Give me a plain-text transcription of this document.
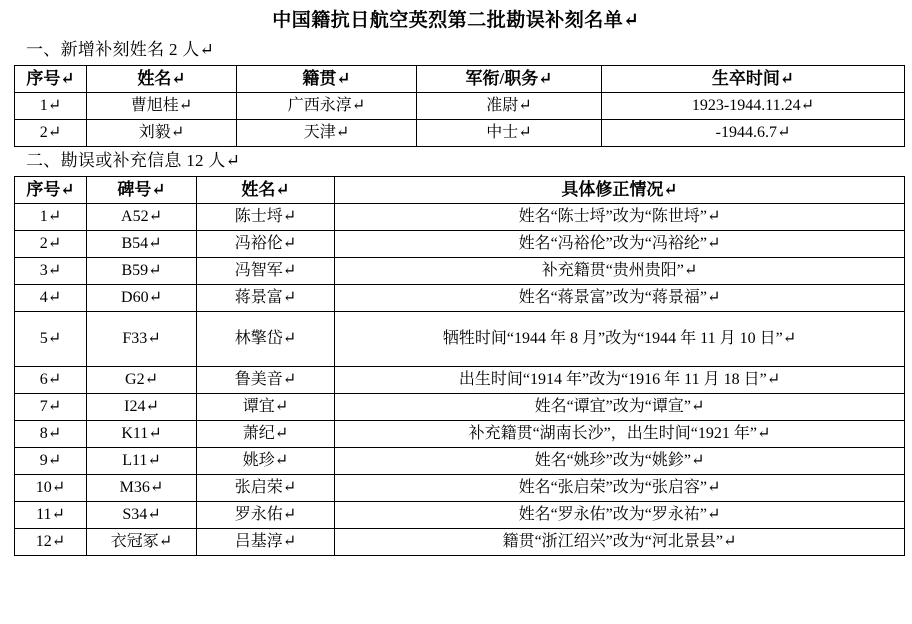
中国籍抗日航空英烈第二批勘误补刻名单↵
一、新增补刻姓名 2 人↵
序号↵	姓名↵	籍贯↵	军衔/职务↵	生卒时间↵
1↵	曹旭桂↵	广西永淳↵	准尉↵	1923-1944.11.24↵
2↵	刘毅↵	天津↵	中士↵	-1944.6.7↵
二、勘误或补充信息 12 人↵
序号↵	碑号↵	姓名↵	具体修正情况↵
1↵	A52↵	陈士埒↵	姓名“陈士埒”改为“陈世埒”↵
2↵	B54↵	冯裕伦↵	姓名“冯裕伦”改为“冯裕纶”↵
3↵	B59↵	冯智军↵	补充籍贯“贵州贵阳”↵
4↵	D60↵	蒋景富↵	姓名“蒋景富”改为“蒋景福”↵
5↵	F33↵	林擎岱↵	牺牲时间“1944 年 8 月”改为“1944 年 11 月 10 日”↵
6↵	G2↵	鲁美音↵	出生时间“1914 年”改为“1916 年 11 月 18 日”↵
7↵	I24↵	谭宜↵	姓名“谭宜”改为“谭宣”↵
8↵	K11↵	萧纪↵	补充籍贯“湖南长沙”，出生时间“1921 年”↵
9↵	L11↵	姚珍↵	姓名“姚珍”改为“姚鉁”↵
10↵	M36↵	张启荣↵	姓名“张启荣”改为“张启容”↵
11↵	S34↵	罗永佑↵	姓名“罗永佑”改为“罗永祐”↵
12↵	衣冠冢↵	吕基淳↵	籍贯“浙江绍兴”改为“河北景县”↵
